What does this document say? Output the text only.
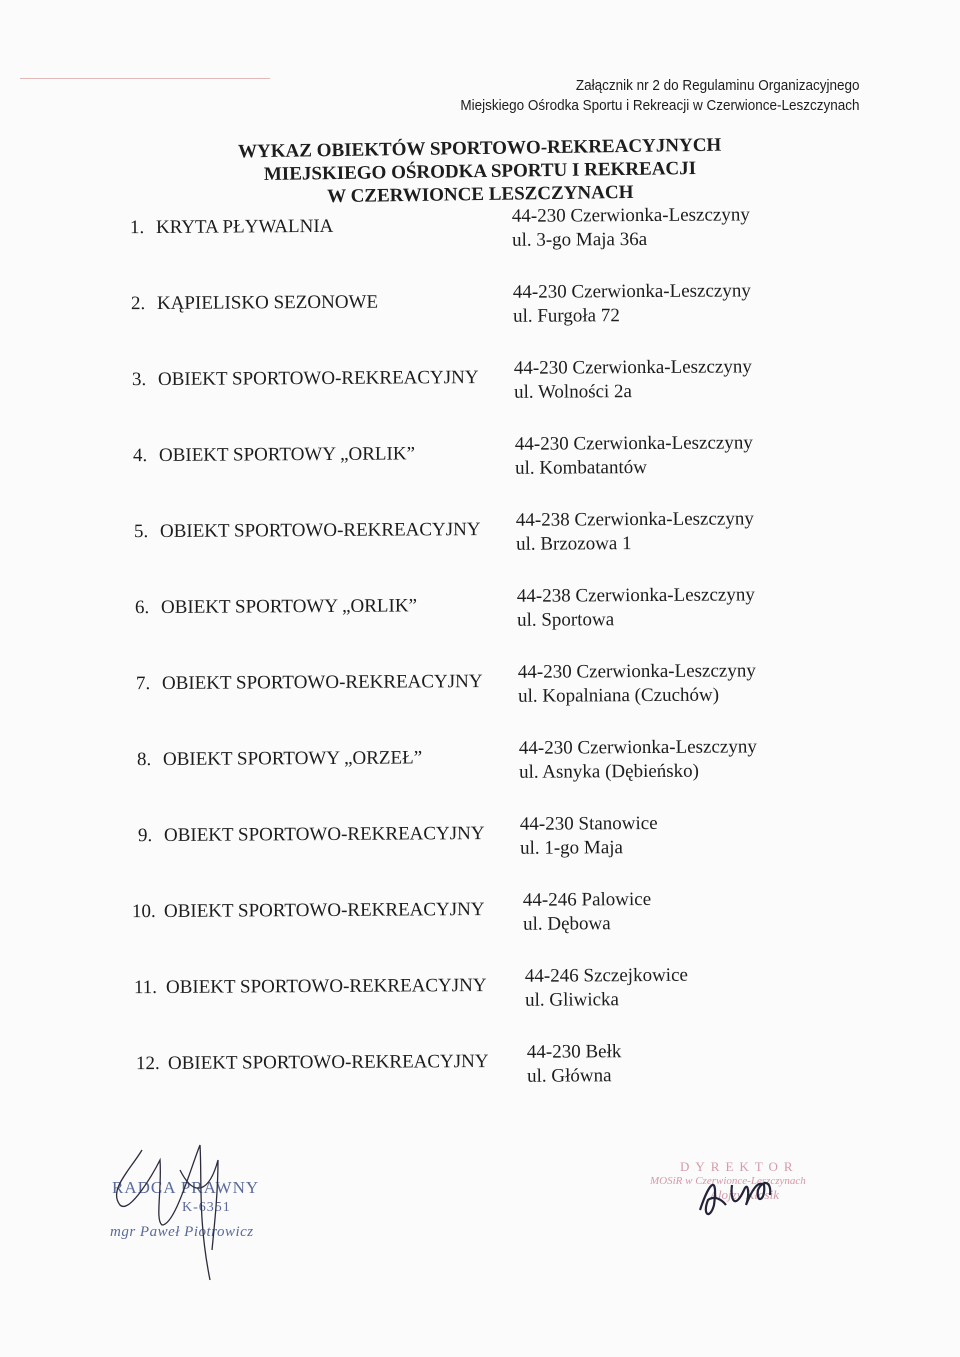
Załącznik nr 2 do Regulaminu Organizacyjnego
Miejskiego Ośrodka Sportu i Rekreacji w Czerwionce-Leszczynach
WYKAZ OBIEKTÓW SPORTOWO-REKREACYJNYCH
MIEJSKIEGO OŚRODKA SPORTU I REKREACJI
W CZERWIONCE LESZCZYNACH
1. KRYTA PŁYWALNIA
44-230 Czerwionka-Leszczyny
ul. 3-go Maja 36a
2. KĄPIELISKO SEZONOWE	44-230 Czerwionka-Leszczyny
ul. Furgoła 72
3. OBIEKT SPORTOWO-REKREACYJNY 44-230 Czerwionka-Leszczyny
ul. Wolności 2a
4. OBIEKT SPORTOWY „ORLIK”	44-230 Czerwionka-Leszczyny
ul. Kombatantów
5. OBIEKT SPORTOWO-REKREACYJNY 44-238 Czerwionka-Leszczyny
ul. Brzozowa 1
6. OBIEKT SPORTOWY „ORLIK”	44-238 Czerwionka-Leszczyny
ul. Sportowa
7. OBIEKT SPORTOWO-REKREACYJNY 44-230 Czerwionka-Leszczyny
ul. Kopalniana (Czuchów)
8. OBIEKT SPORTOWY „ORZEŁ”	44-230 Czerwionka-Leszczyny
ul. Asnyka (Dębieńsko)
9. OBIEKT SPORTOWO-REKREACYJNY 44-230 Stanowice
ul. 1-go Maja
10. OBIEKT SPORTOWO-REKREACYJNY 44-246 Palowice
ul. Dębowa
11. OBIEKT SPORTOWO-REKREACYJNY 44-246 Szczejkowice
ul. Gliwicka
12. OBIEKT SPORTOWO-REKREACYJNY 44-230 Bełk
ul. Główna
RADCA PRAWNY
K-6351
mgr Paweł Piotrowicz
DYREKTOR
MOSiR w Czerwionce-Leszczynach
Alojzy Kłosik
